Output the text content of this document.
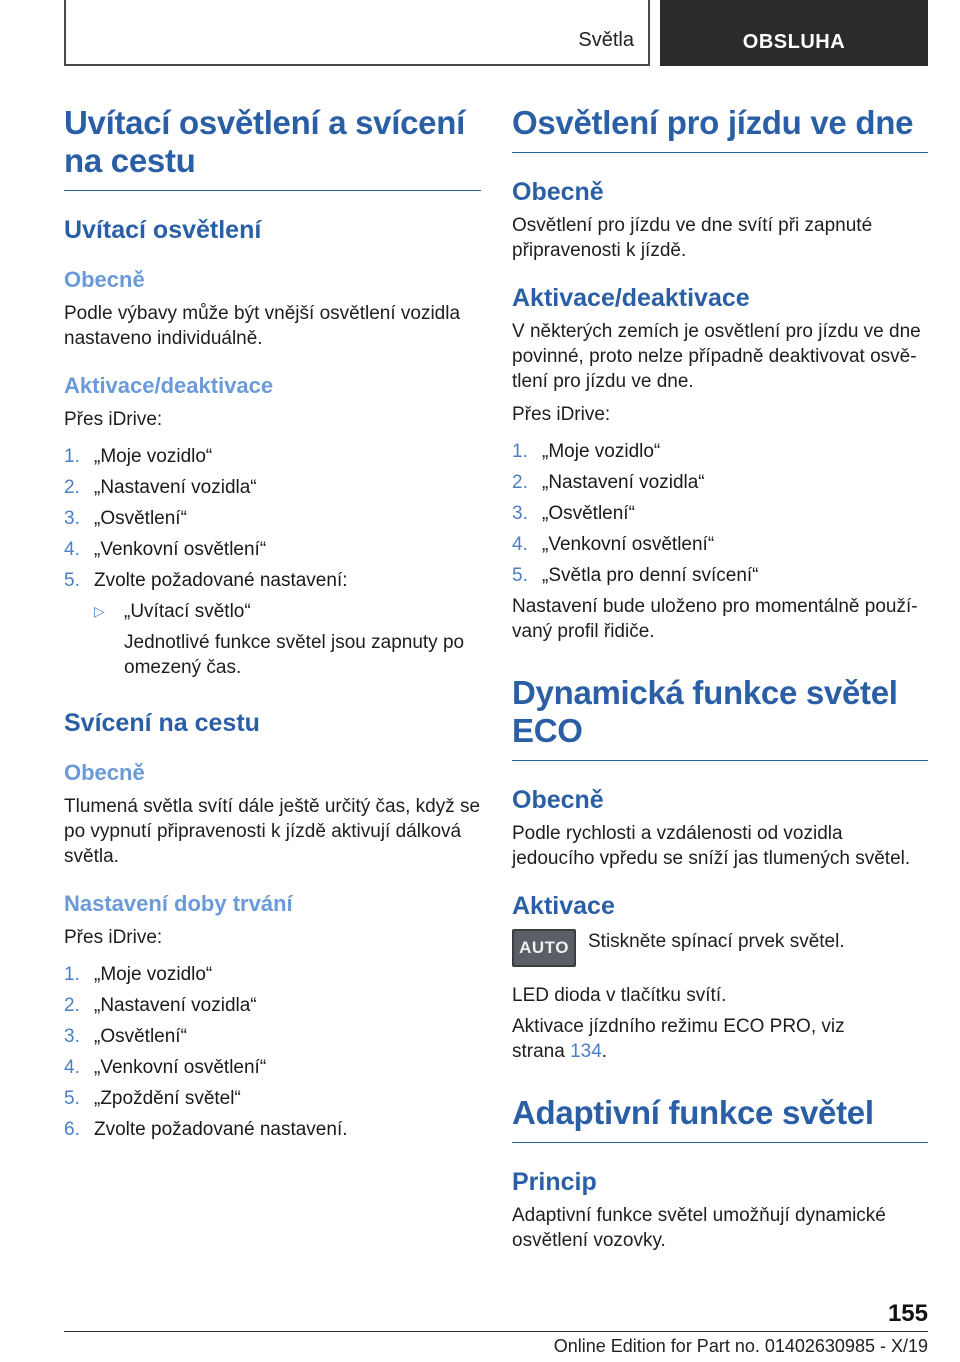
Světla	OBSLUHA
Uvítací osvětlení a svícení na cestu
Uvítací osvětlení
Obecně

Podle výbavy může být vnější osvětlení vozidla nastaveno individuálně.

Aktivace/deaktivace

Přes iDrive:

1. „Moje vozidlo“
2. „Nastavení vozidla“
3. „Osvětlení“
4. „Venkovní osvětlení“
5. Zvolte požadované nastavení:
▷ „Uvítací světlo“

Jednotlivé funkce světel jsou zapnuty po omezený čas.

Svícení na cestu
Obecně

Tlumená světla svítí dále ještě určitý čas, když se po vypnutí připravenosti k jízdě aktivují dálková světla.

Nastavení doby trvání

Přes iDrive:

1. „Moje vozidlo“
2. „Nastavení vozidla“
3. „Osvětlení“
4. „Venkovní osvětlení“
5. „Zpoždění světel“
6. Zvolte požadované nastavení.
Osvětlení pro jízdu ve dne
Obecně

Osvětlení pro jízdu ve dne svítí při zapnuté připravenosti k jízdě.

Aktivace/deaktivace

V některých zemích je osvětlení pro jízdu ve dne povinné, proto nelze případně deaktivovat osvětlení pro jízdu ve dne.

Přes iDrive:

1. „Moje vozidlo“
2. „Nastavení vozidla“
3. „Osvětlení“
4. „Venkovní osvětlení“
5. „Světla pro denní svícení“

Nastavení bude uloženo pro momentálně používaný profil řidiče.

Dynamická funkce světel ECO
Obecně

Podle rychlosti a vzdálenosti od vozidla jedoucího vpředu se sníží jas tlumených světel.

Aktivace
AUTO	Stiskněte spínací prvek světel.

LED dioda v tlačítku svítí.

Aktivace jízdního režimu ECO PRO, viz strana 134.

Adaptivní funkce světel
Princip

Adaptivní funkce světel umožňují dynamické osvětlení vozovky.

155
Online Edition for Part no. 01402630985 - X/19
